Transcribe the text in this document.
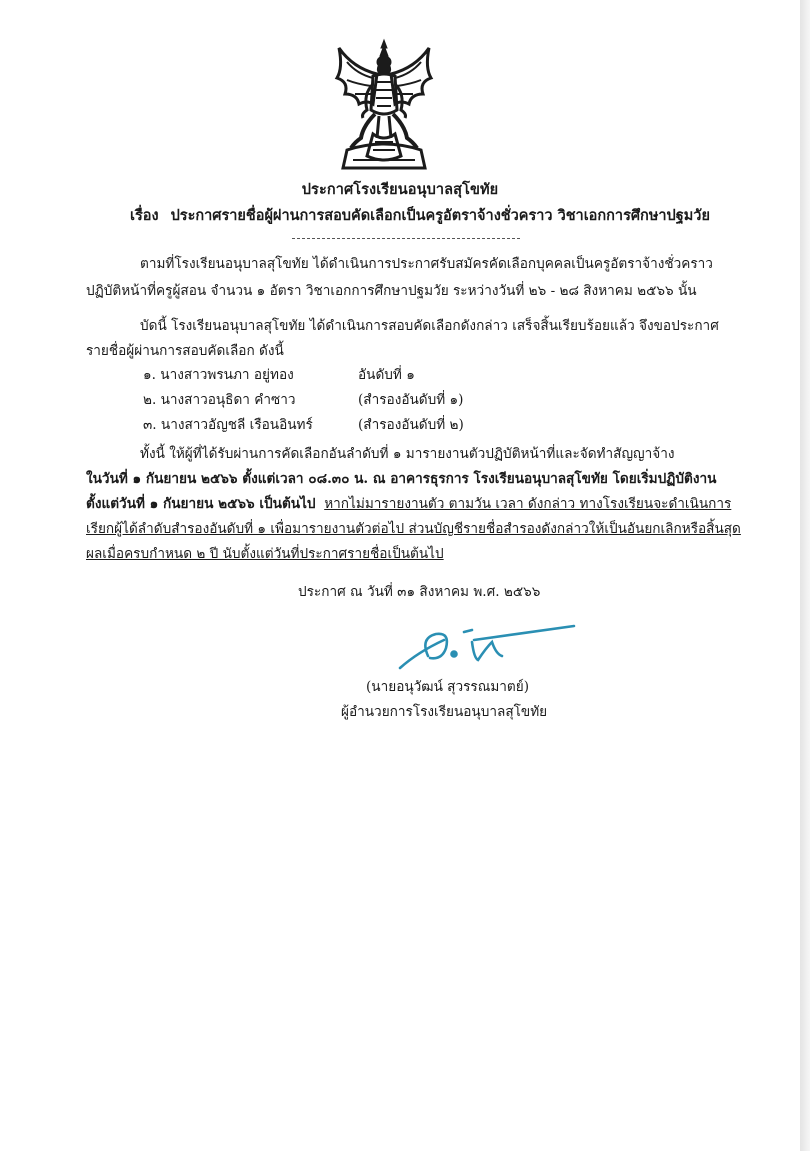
ประกาศโรงเรียนอนุบาลสุโขทัย
เรื่อง ประกาศรายชื่อผู้ผ่านการสอบคัดเลือกเป็นครูอัตราจ้างชั่วคราว วิชาเอกการศึกษาปฐมวัย
ตามที่โรงเรียนอนุบาลสุโขทัย ได้ดำเนินการประกาศรับสมัครคัดเลือกบุคคลเป็นครูอัตราจ้างชั่วคราว
ปฏิบัติหน้าที่ครูผู้สอน จำนวน ๑ อัตรา วิชาเอกการศึกษาปฐมวัย ระหว่างวันที่ ๒๖ - ๒๘ สิงหาคม ๒๕๖๖ นั้น
บัดนี้ โรงเรียนอนุบาลสุโขทัย ได้ดำเนินการสอบคัดเลือกดังกล่าว เสร็จสิ้นเรียบร้อยแล้ว จึงขอประกาศ
รายชื่อผู้ผ่านการสอบคัดเลือก ดังนี้
๑. นางสาวพรนภา อยู่ทอง	อันดับที่ ๑
๒. นางสาวอนุธิดา คำซาว	(สำรองอันดับที่ ๑)
๓. นางสาวอัญชลี เรือนอินทร์	(สำรองอันดับที่ ๒)
ทั้งนี้ ให้ผู้ที่ได้รับผ่านการคัดเลือกอันลำดับที่ ๑ มารายงานตัวปฏิบัติหน้าที่และจัดทำสัญญาจ้าง
ในวันที่ ๑ กันยายน ๒๕๖๖ ตั้งแต่เวลา ๐๘.๓๐ น. ณ อาคารธุรการ โรงเรียนอนุบาลสุโขทัย โดยเริ่มปฏิบัติงาน
ตั้งแต่วันที่ ๑ กันยายน ๒๕๖๖ เป็นต้นไป หากไม่มารายงานตัว ตามวัน เวลา ดังกล่าว ทางโรงเรียนจะดำเนินการ
เรียกผู้ได้ลำดับสำรองอันดับที่ ๑ เพื่อมารายงานตัวต่อไป ส่วนบัญชีรายชื่อสำรองดังกล่าวให้เป็นอันยกเลิกหรือสิ้นสุด
ผลเมื่อครบกำหนด ๒ ปี นับตั้งแต่วันที่ประกาศรายชื่อเป็นต้นไป
ประกาศ ณ วันที่ ๓๑ สิงหาคม พ.ศ. ๒๕๖๖
(นายอนุวัฒน์ สุวรรณมาตย์)
ผู้อำนวยการโรงเรียนอนุบาลสุโขทัย
